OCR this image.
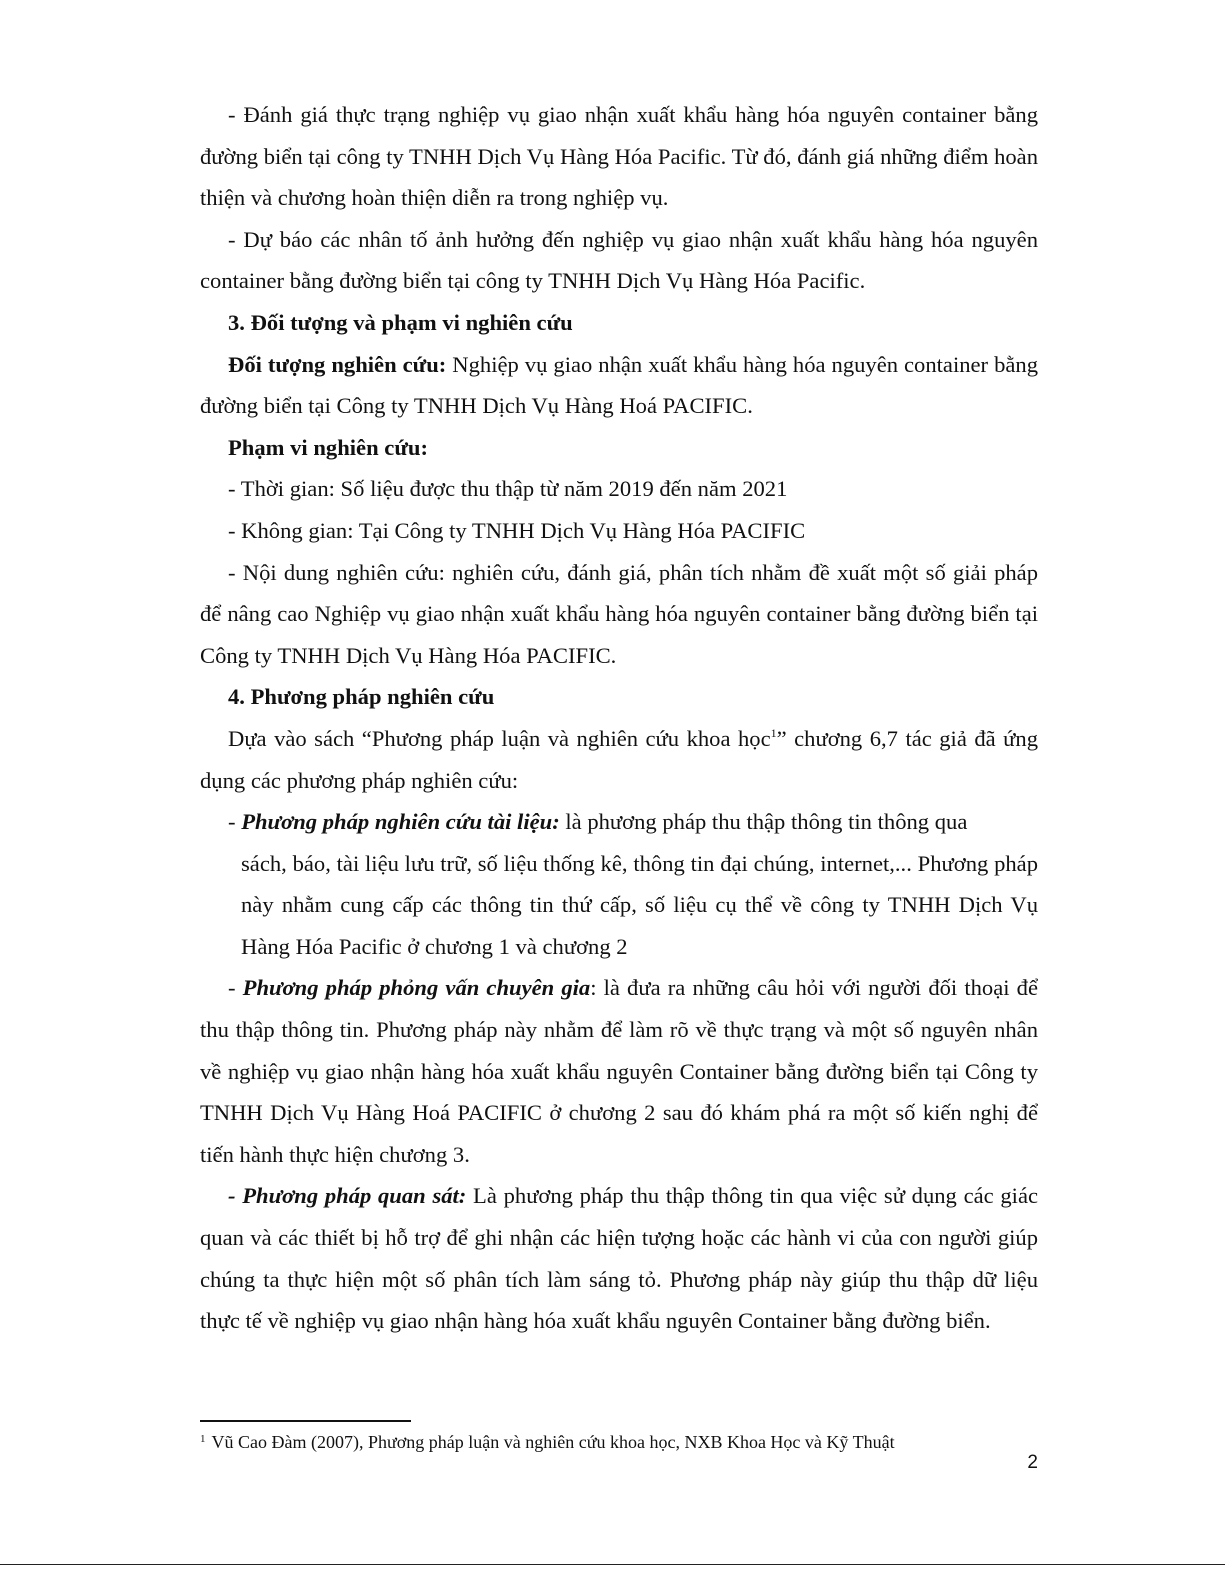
- Đánh giá thực trạng nghiệp vụ giao nhận xuất khẩu hàng hóa nguyên container bằng đường biển tại công ty TNHH Dịch Vụ Hàng Hóa Pacific. Từ đó, đánh giá những điểm hoàn thiện và chương hoàn thiện diễn ra trong nghiệp vụ.

- Dự báo các nhân tố ảnh hưởng đến nghiệp vụ giao nhận xuất khẩu hàng hóa nguyên container bằng đường biển tại công ty TNHH Dịch Vụ Hàng Hóa Pacific.

3. Đối tượng và phạm vi nghiên cứu

Đối tượng nghiên cứu: Nghiệp vụ giao nhận xuất khẩu hàng hóa nguyên container bằng đường biển tại Công ty TNHH Dịch Vụ Hàng Hoá PACIFIC.

Phạm vi nghiên cứu:

- Thời gian: Số liệu được thu thập từ năm 2019 đến năm 2021

- Không gian: Tại Công ty TNHH Dịch Vụ Hàng Hóa PACIFIC

- Nội dung nghiên cứu: nghiên cứu, đánh giá, phân tích nhằm đề xuất một số giải pháp để nâng cao Nghiệp vụ giao nhận xuất khẩu hàng hóa nguyên container bằng đường biển tại Công ty TNHH Dịch Vụ Hàng Hóa PACIFIC.

4. Phương pháp nghiên cứu

Dựa vào sách “Phương pháp luận và nghiên cứu khoa học$^1$” chương 6,7 tác giả đã ứng dụng các phương pháp nghiên cứu:

- Phương pháp nghiên cứu tài liệu: là phương pháp thu thập thông tin thông qua

sách, báo, tài liệu lưu trữ, số liệu thống kê, thông tin đại chúng, internet,... Phương pháp này nhằm cung cấp các thông tin thứ cấp, số liệu cụ thể về công ty TNHH Dịch Vụ Hàng Hóa Pacific ở chương 1 và chương 2

- Phương pháp phỏng vấn chuyên gia: là đưa ra những câu hỏi với người đối thoại để thu thập thông tin. Phương pháp này nhằm để làm rõ về thực trạng và một số nguyên nhân về nghiệp vụ giao nhận hàng hóa xuất khẩu nguyên Container bằng đường biển tại Công ty TNHH Dịch Vụ Hàng Hoá PACIFIC ở chương 2 sau đó khám phá ra một số kiến nghị để tiến hành thực hiện chương 3.

- Phương pháp quan sát: Là phương pháp thu thập thông tin qua việc sử dụng các giác quan và các thiết bị hỗ trợ để ghi nhận các hiện tượng hoặc các hành vi của con người giúp chúng ta thực hiện một số phân tích làm sáng tỏ. Phương pháp này giúp thu thập dữ liệu thực tế về nghiệp vụ giao nhận hàng hóa xuất khẩu nguyên Container bằng đường biển.

$^1$ Vũ Cao Đàm (2007), Phương pháp luận và nghiên cứu khoa học, NXB Khoa Học và Kỹ Thuật
2
